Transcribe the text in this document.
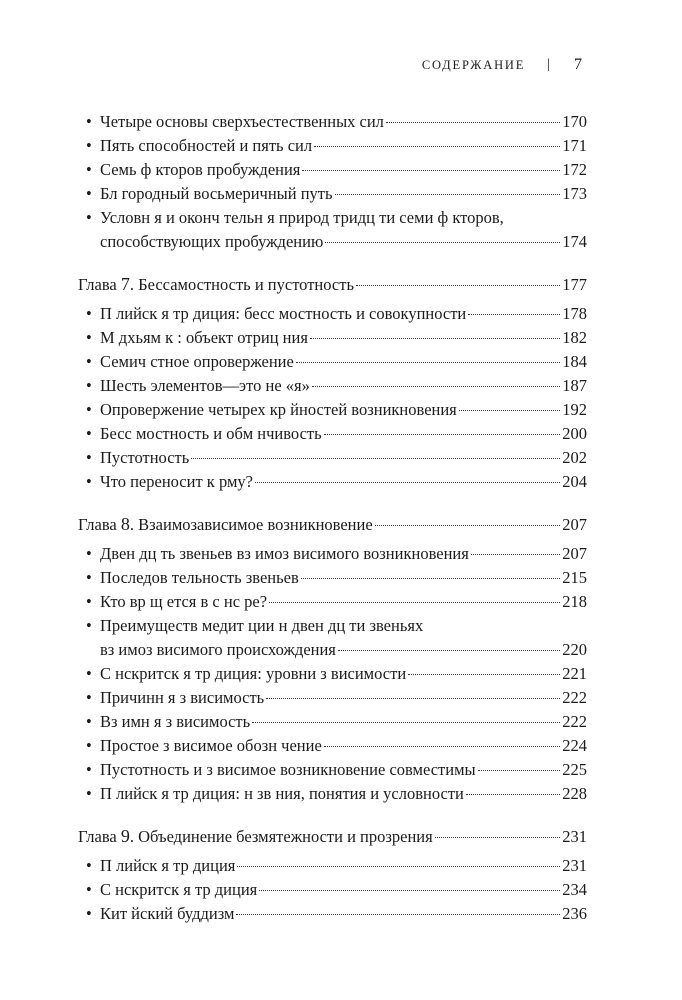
СОДЕРЖАНИЕ | 7
• Четыре основы сверхъестественных сил	170
• Пять способностей и пять сил	171
• Семь ф кторов пробуждения	172
• Бл городный восьмеричный путь	173
• Условн я и оконч тельн я природ тридц ти семи ф кторов,
способствующих пробуждению	174
Глава 7. Бессамостность и пустотность	177
• П лийск я тр диция: бесс мостность и совокупности	178
• М дхьям к : объект отриц ния	182
• Семич стное опровержение	184
• Шесть элементов—это не «я»	187
• Опровержение четырех кр йностей возникновения	192
• Бесс мостность и обм нчивость	200
• Пустотность	202
• Что переносит к рму?	204
Глава 8. Взаимозависимое возникновение	207
• Двен дц ть звеньев вз имоз висимого возникновения	207
• Последов тельность звеньев	215
• Кто вр щ ется в с нс ре?	218
• Преимуществ медит ции н двен дц ти звеньях
вз имоз висимого происхождения	220
• С нскритск я тр диция: уровни з висимости	221
• Причинн я з висимость	222
• Вз имн я з висимость	222
• Простое з висимое обозн чение	224
• Пустотность и з висимое возникновение совместимы	225
• П лийск я тр диция: н зв ния, понятия и условности	228
Глава 9. Объединение безмятежности и прозрения	231
• П лийск я тр диция	231
• С нскритск я тр диция	234
• Кит йский буддизм	236
